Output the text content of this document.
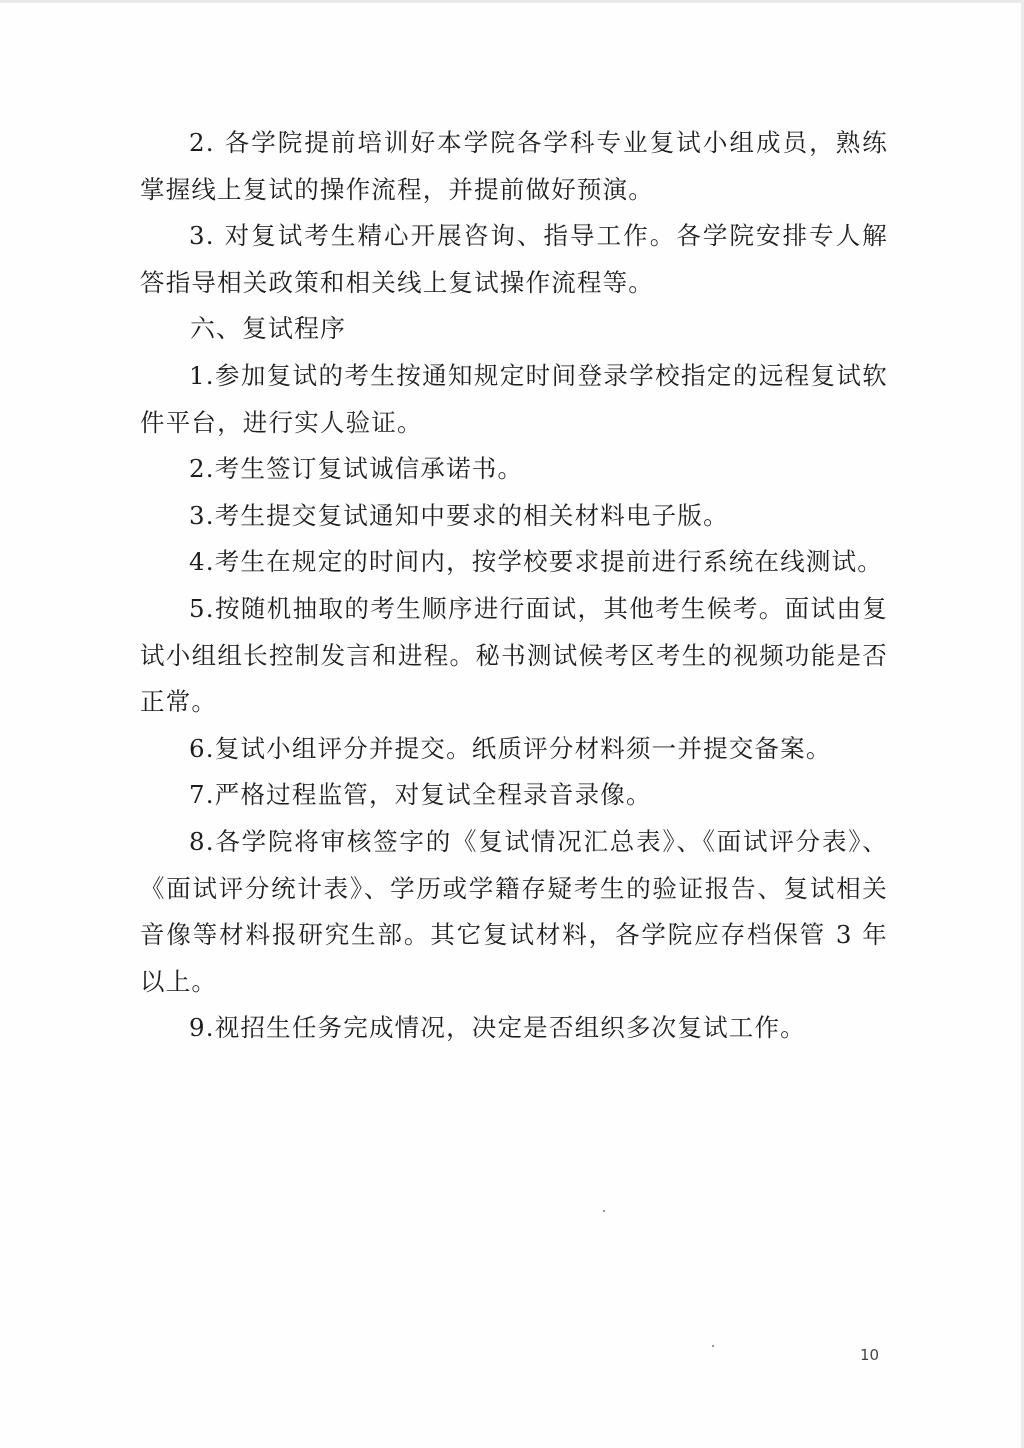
2. 各学院提前培训好本学院各学科专业复试小组成员，熟练掌握线上复试的操作流程，并提前做好预演。

3. 对复试考生精心开展咨询、指导工作。各学院安排专人解答指导相关政策和相关线上复试操作流程等。

六、复试程序

1.参加复试的考生按通知规定时间登录学校指定的远程复试软件平台，进行实人验证。

2.考生签订复试诚信承诺书。

3.考生提交复试通知中要求的相关材料电子版。

4.考生在规定的时间内，按学校要求提前进行系统在线测试。

5.按随机抽取的考生顺序进行面试，其他考生候考。面试由复试小组组长控制发言和进程。秘书测试候考区考生的视频功能是否正常。

6.复试小组评分并提交。纸质评分材料须一并提交备案。

7.严格过程监管，对复试全程录音录像。

8.各学院将审核签字的《复试情况汇总表》、《面试评分表》、《面试评分统计表》、学历或学籍存疑考生的验证报告、复试相关音像等材料报研究生部。其它复试材料，各学院应存档保管 3 年以上。

9.视招生任务完成情况，决定是否组织多次复试工作。

10
